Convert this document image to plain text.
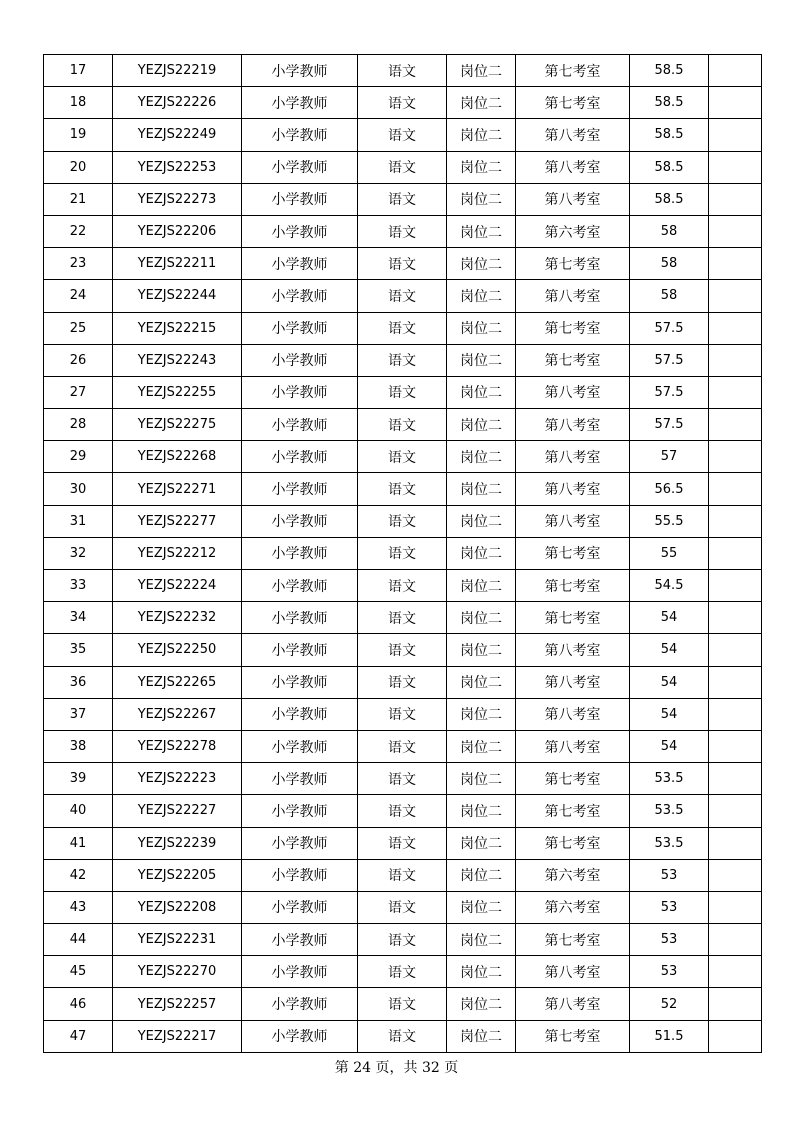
17	YEZJS22219	小学教师	语文	岗位二	第七考室	58.5	
18	YEZJS22226	小学教师	语文	岗位二	第七考室	58.5	
19	YEZJS22249	小学教师	语文	岗位二	第八考室	58.5	
20	YEZJS22253	小学教师	语文	岗位二	第八考室	58.5	
21	YEZJS22273	小学教师	语文	岗位二	第八考室	58.5	
22	YEZJS22206	小学教师	语文	岗位二	第六考室	58	
23	YEZJS22211	小学教师	语文	岗位二	第七考室	58	
24	YEZJS22244	小学教师	语文	岗位二	第八考室	58	
25	YEZJS22215	小学教师	语文	岗位二	第七考室	57.5	
26	YEZJS22243	小学教师	语文	岗位二	第七考室	57.5	
27	YEZJS22255	小学教师	语文	岗位二	第八考室	57.5	
28	YEZJS22275	小学教师	语文	岗位二	第八考室	57.5	
29	YEZJS22268	小学教师	语文	岗位二	第八考室	57	
30	YEZJS22271	小学教师	语文	岗位二	第八考室	56.5	
31	YEZJS22277	小学教师	语文	岗位二	第八考室	55.5	
32	YEZJS22212	小学教师	语文	岗位二	第七考室	55	
33	YEZJS22224	小学教师	语文	岗位二	第七考室	54.5	
34	YEZJS22232	小学教师	语文	岗位二	第七考室	54	
35	YEZJS22250	小学教师	语文	岗位二	第八考室	54	
36	YEZJS22265	小学教师	语文	岗位二	第八考室	54	
37	YEZJS22267	小学教师	语文	岗位二	第八考室	54	
38	YEZJS22278	小学教师	语文	岗位二	第八考室	54	
39	YEZJS22223	小学教师	语文	岗位二	第七考室	53.5	
40	YEZJS22227	小学教师	语文	岗位二	第七考室	53.5	
41	YEZJS22239	小学教师	语文	岗位二	第七考室	53.5	
42	YEZJS22205	小学教师	语文	岗位二	第六考室	53	
43	YEZJS22208	小学教师	语文	岗位二	第六考室	53	
44	YEZJS22231	小学教师	语文	岗位二	第七考室	53	
45	YEZJS22270	小学教师	语文	岗位二	第八考室	53	
46	YEZJS22257	小学教师	语文	岗位二	第八考室	52	
47	YEZJS22217	小学教师	语文	岗位二	第七考室	51.5	
第 24 页，共 32 页
